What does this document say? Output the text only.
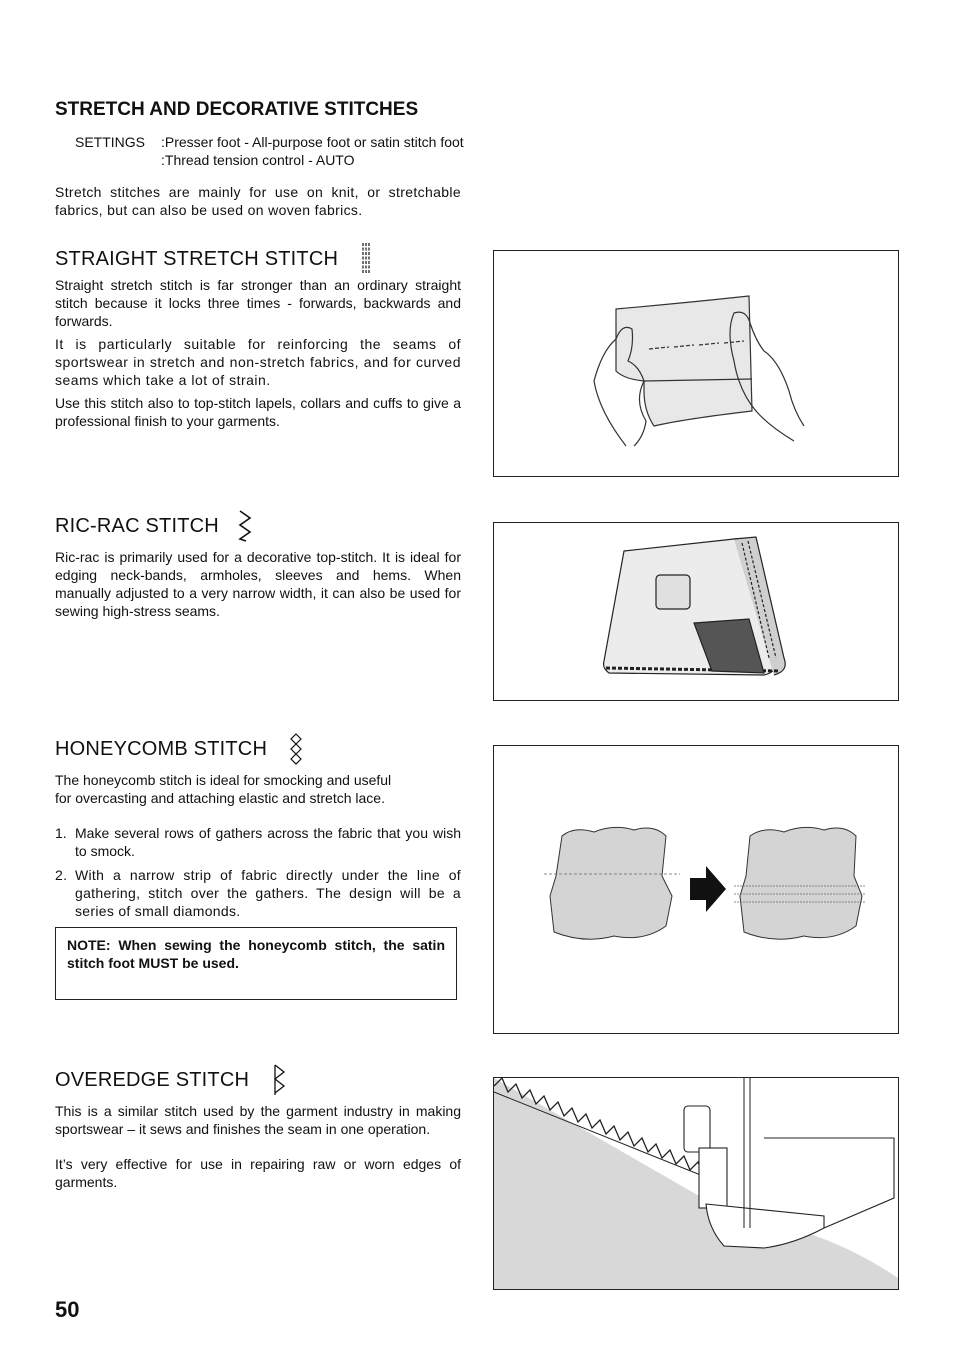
STRETCH AND DECORATIVE STITCHES
SETTINGS :Presser foot - All-purpose foot or satin stitch foot
:Thread tension control - AUTO

Stretch stitches are mainly for use on knit, or stretchable fabrics, but can also be used on woven fabrics.

STRAIGHT STRETCH STITCH

Straight stretch stitch is far stronger than an ordinary straight stitch because it locks three times - forwards, backwards and forwards.

It is particularly suitable for reinforcing the seams of sportswear in stretch and non-stretch fabrics, and for curved seams which take a lot of strain.

Use this stitch also to top-stitch lapels, collars and cuffs to give a professional finish to your garments.

RIC-RAC STITCH

Ric-rac is primarily used for a decorative top-stitch. It is ideal for edging neck-bands, armholes, sleeves and hems. When manually adjusted to a very narrow width, it can also be used for sewing high-stress seams.

HONEYCOMB STITCH
The honeycomb stitch is ideal for smocking and useful
for overcasting and attaching elastic and stretch lace.
1. Make several rows of gathers across the fabric that you wish to smock.
2. With a narrow strip of fabric directly under the line of gathering, stitch over the gathers. The design will be a series of small diamonds.
NOTE: When sewing the honeycomb stitch, the satin stitch foot MUST be used.
OVEREDGE STITCH

This is a similar stitch used by the garment industry in making sportswear – it sews and finishes the seam in one operation.

It’s very effective for use in repairing raw or worn edges of garments.

50
